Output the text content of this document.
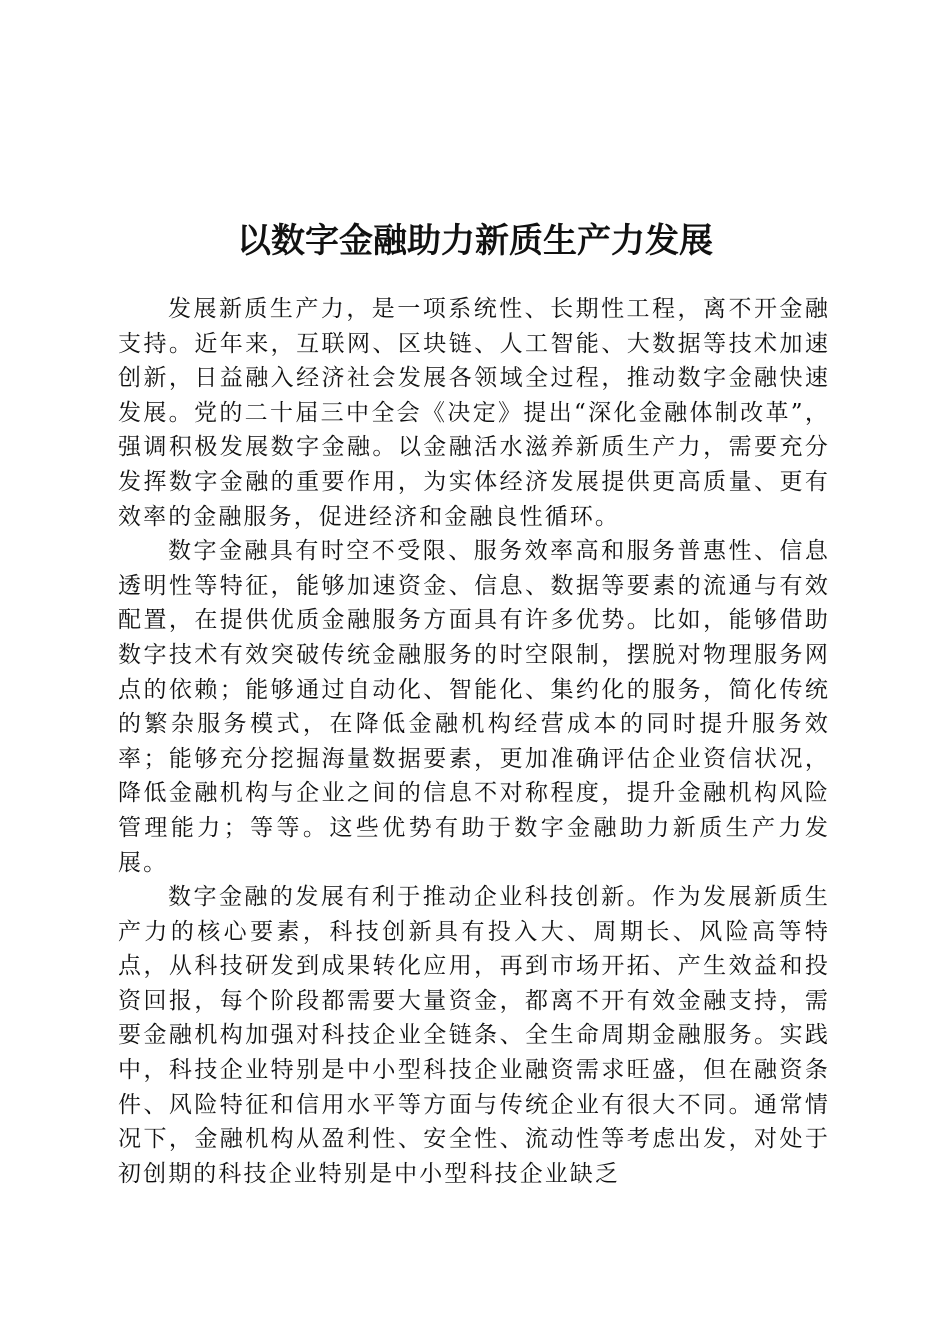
以数字金融助力新质生产力发展

发展新质生产力，是一项系统性、长期性工程，离不开金融支持。近年来，互联网、区块链、人工智能、大数据等技术加速创新，日益融入经济社会发展各领域全过程，推动数字金融快速发展。党的二十届三中全会《决定》提出“深化金融体制改革”，强调积极发展数字金融。以金融活水滋养新质生产力，需要充分发挥数字金融的重要作用，为实体经济发展提供更高质量、更有效率的金融服务，促进经济和金融良性循环。

数字金融具有时空不受限、服务效率高和服务普惠性、信息透明性等特征，能够加速资金、信息、数据等要素的流通与有效配置，在提供优质金融服务方面具有许多优势。比如，能够借助数字技术有效突破传统金融服务的时空限制，摆脱对物理服务网点的依赖；能够通过自动化、智能化、集约化的服务，简化传统的繁杂服务模式，在降低金融机构经营成本的同时提升服务效率；能够充分挖掘海量数据要素，更加准确评估企业资信状况，降低金融机构与企业之间的信息不对称程度，提升金融机构风险管理能力；等等。这些优势有助于数字金融助力新质生产力发展。

数字金融的发展有利于推动企业科技创新。作为发展新质生产力的核心要素，科技创新具有投入大、周期长、风险高等特点，从科技研发到成果转化应用，再到市场开拓、产生效益和投资回报，每个阶段都需要大量资金，都离不开有效金融支持，需要金融机构加强对科技企业全链条、全生命周期金融服务。实践中，科技企业特别是中小型科技企业融资需求旺盛，但在融资条件、风险特征和信用水平等方面与传统企业有很大不同。通常情况下，金融机构从盈利性、安全性、流动性等考虑出发，对处于初创期的科技企业特别是中小型科技企业缺乏
